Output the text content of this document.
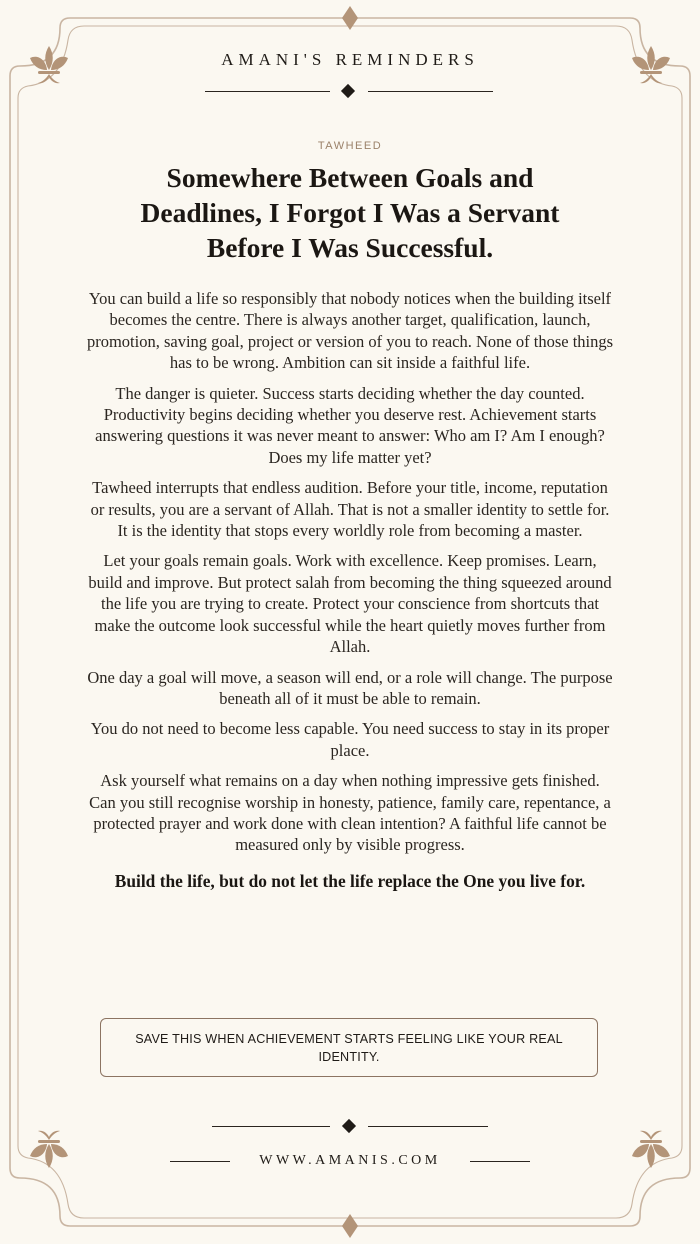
AMANI'S REMINDERS
TAWHEED
Somewhere Between Goals and
Deadlines, I Forgot I Was a Servant
Before I Was Successful.

You can build a life so responsibly that nobody notices when the building itself becomes the centre. There is always another target, qualification, launch, promotion, saving goal, project or version of you to reach. None of those things has to be wrong. Ambition can sit inside a faithful life.

The danger is quieter. Success starts deciding whether the day counted. Productivity begins deciding whether you deserve rest. Achievement starts answering questions it was never meant to answer: Who am I? Am I enough? Does my life matter yet?

Tawheed interrupts that endless audition. Before your title, income, reputation or results, you are a servant of Allah. That is not a smaller identity to settle for. It is the identity that stops every worldly role from becoming a master.

Let your goals remain goals. Work with excellence. Keep promises. Learn, build and improve. But protect salah from becoming the thing squeezed around the life you are trying to create. Protect your conscience from shortcuts that make the outcome look successful while the heart quietly moves further from Allah.

One day a goal will move, a season will end, or a role will change. The purpose beneath all of it must be able to remain.

You do not need to become less capable. You need success to stay in its proper place.

Ask yourself what remains on a day when nothing impressive gets finished. Can you still recognise worship in honesty, patience, family care, repentance, a protected prayer and work done with clean intention? A faithful life cannot be measured only by visible progress.

Build the life, but do not let the life replace the One you live for.

SAVE THIS WHEN ACHIEVEMENT STARTS FEELING LIKE YOUR REAL IDENTITY.
WWW.AMANIS.COM
